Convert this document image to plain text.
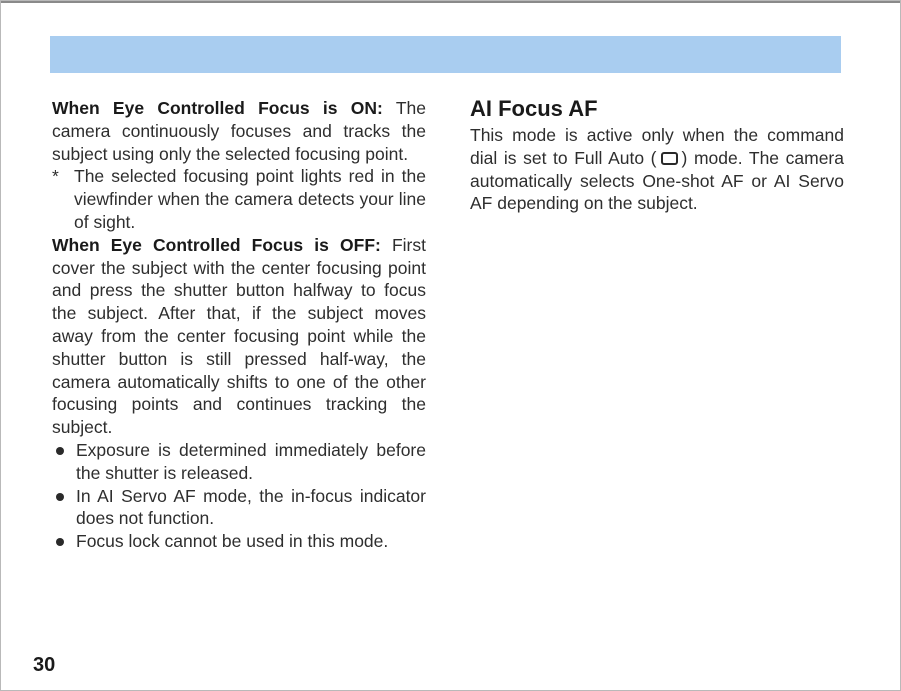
When Eye Controlled Focus is ON: The camera continuously focuses and tracks the subject using only the selected focusing point.

* The selected focusing point lights red in the viewfinder when the camera detects your line of sight.

When Eye Controlled Focus is OFF: First cover the subject with the center focusing point and press the shutter button halfway to focus the subject. After that, if the subject moves away from the center focusing point while the shutter button is still pressed half-way, the camera automatically shifts to one of the other focusing points and continues tracking the subject.

Exposure is determined immediately before the shutter is released.
In AI Servo AF mode, the in-focus indicator does not function.
Focus lock cannot be used in this mode.
AI Focus AF

This mode is active only when the command dial is set to Full Auto ( ) mode. The camera automatically selects One-shot AF or AI Servo AF depending on the subject.

30
